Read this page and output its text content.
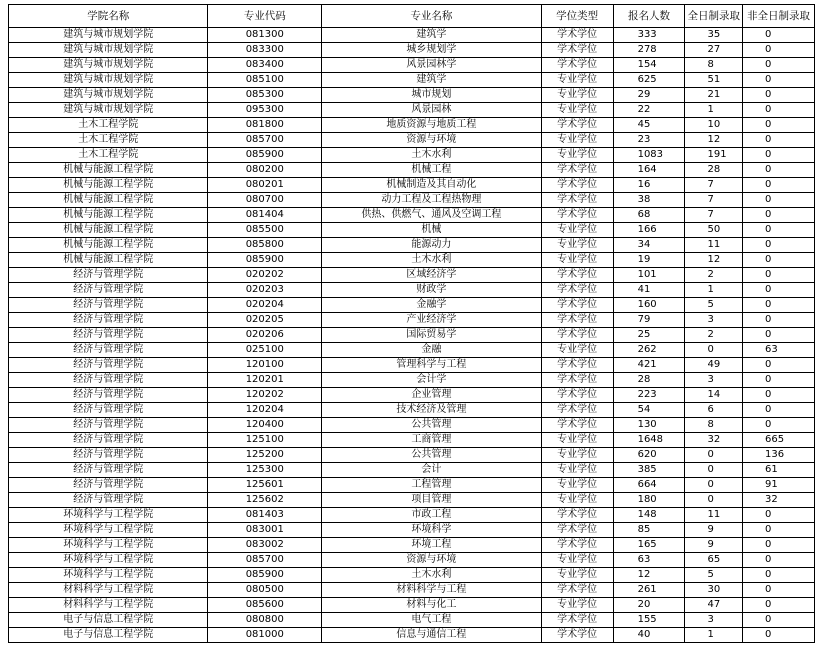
学院名称	专业代码	专业名称	学位类型	报名人数	全日制录取	非全日制录取
建筑与城市规划学院	081300	建筑学	学术学位	333	35	0
建筑与城市规划学院	083300	城乡规划学	学术学位	278	27	0
建筑与城市规划学院	083400	风景园林学	学术学位	154	8	0
建筑与城市规划学院	085100	建筑学	专业学位	625	51	0
建筑与城市规划学院	085300	城市规划	专业学位	29	21	0
建筑与城市规划学院	095300	风景园林	专业学位	22	1	0
土木工程学院	081800	地质资源与地质工程	学术学位	45	10	0
土木工程学院	085700	资源与环境	专业学位	23	12	0
土木工程学院	085900	土木水利	专业学位	1083	191	0
机械与能源工程学院	080200	机械工程	学术学位	164	28	0
机械与能源工程学院	080201	机械制造及其自动化	学术学位	16	7	0
机械与能源工程学院	080700	动力工程及工程热物理	学术学位	38	7	0
机械与能源工程学院	081404	供热、供燃气、通风及空调工程	学术学位	68	7	0
机械与能源工程学院	085500	机械	专业学位	166	50	0
机械与能源工程学院	085800	能源动力	专业学位	34	11	0
机械与能源工程学院	085900	土木水利	专业学位	19	12	0
经济与管理学院	020202	区域经济学	学术学位	101	2	0
经济与管理学院	020203	财政学	学术学位	41	1	0
经济与管理学院	020204	金融学	学术学位	160	5	0
经济与管理学院	020205	产业经济学	学术学位	79	3	0
经济与管理学院	020206	国际贸易学	学术学位	25	2	0
经济与管理学院	025100	金融	专业学位	262	0	63
经济与管理学院	120100	管理科学与工程	学术学位	421	49	0
经济与管理学院	120201	会计学	学术学位	28	3	0
经济与管理学院	120202	企业管理	学术学位	223	14	0
经济与管理学院	120204	技术经济及管理	学术学位	54	6	0
经济与管理学院	120400	公共管理	学术学位	130	8	0
经济与管理学院	125100	工商管理	专业学位	1648	32	665
经济与管理学院	125200	公共管理	专业学位	620	0	136
经济与管理学院	125300	会计	专业学位	385	0	61
经济与管理学院	125601	工程管理	专业学位	664	0	91
经济与管理学院	125602	项目管理	专业学位	180	0	32
环境科学与工程学院	081403	市政工程	学术学位	148	11	0
环境科学与工程学院	083001	环境科学	学术学位	85	9	0
环境科学与工程学院	083002	环境工程	学术学位	165	9	0
环境科学与工程学院	085700	资源与环境	专业学位	63	65	0
环境科学与工程学院	085900	土木水利	专业学位	12	5	0
材料科学与工程学院	080500	材料科学与工程	学术学位	261	30	0
材料科学与工程学院	085600	材料与化工	专业学位	20	47	0
电子与信息工程学院	080800	电气工程	学术学位	155	3	0
电子与信息工程学院	081000	信息与通信工程	学术学位	40	1	0
